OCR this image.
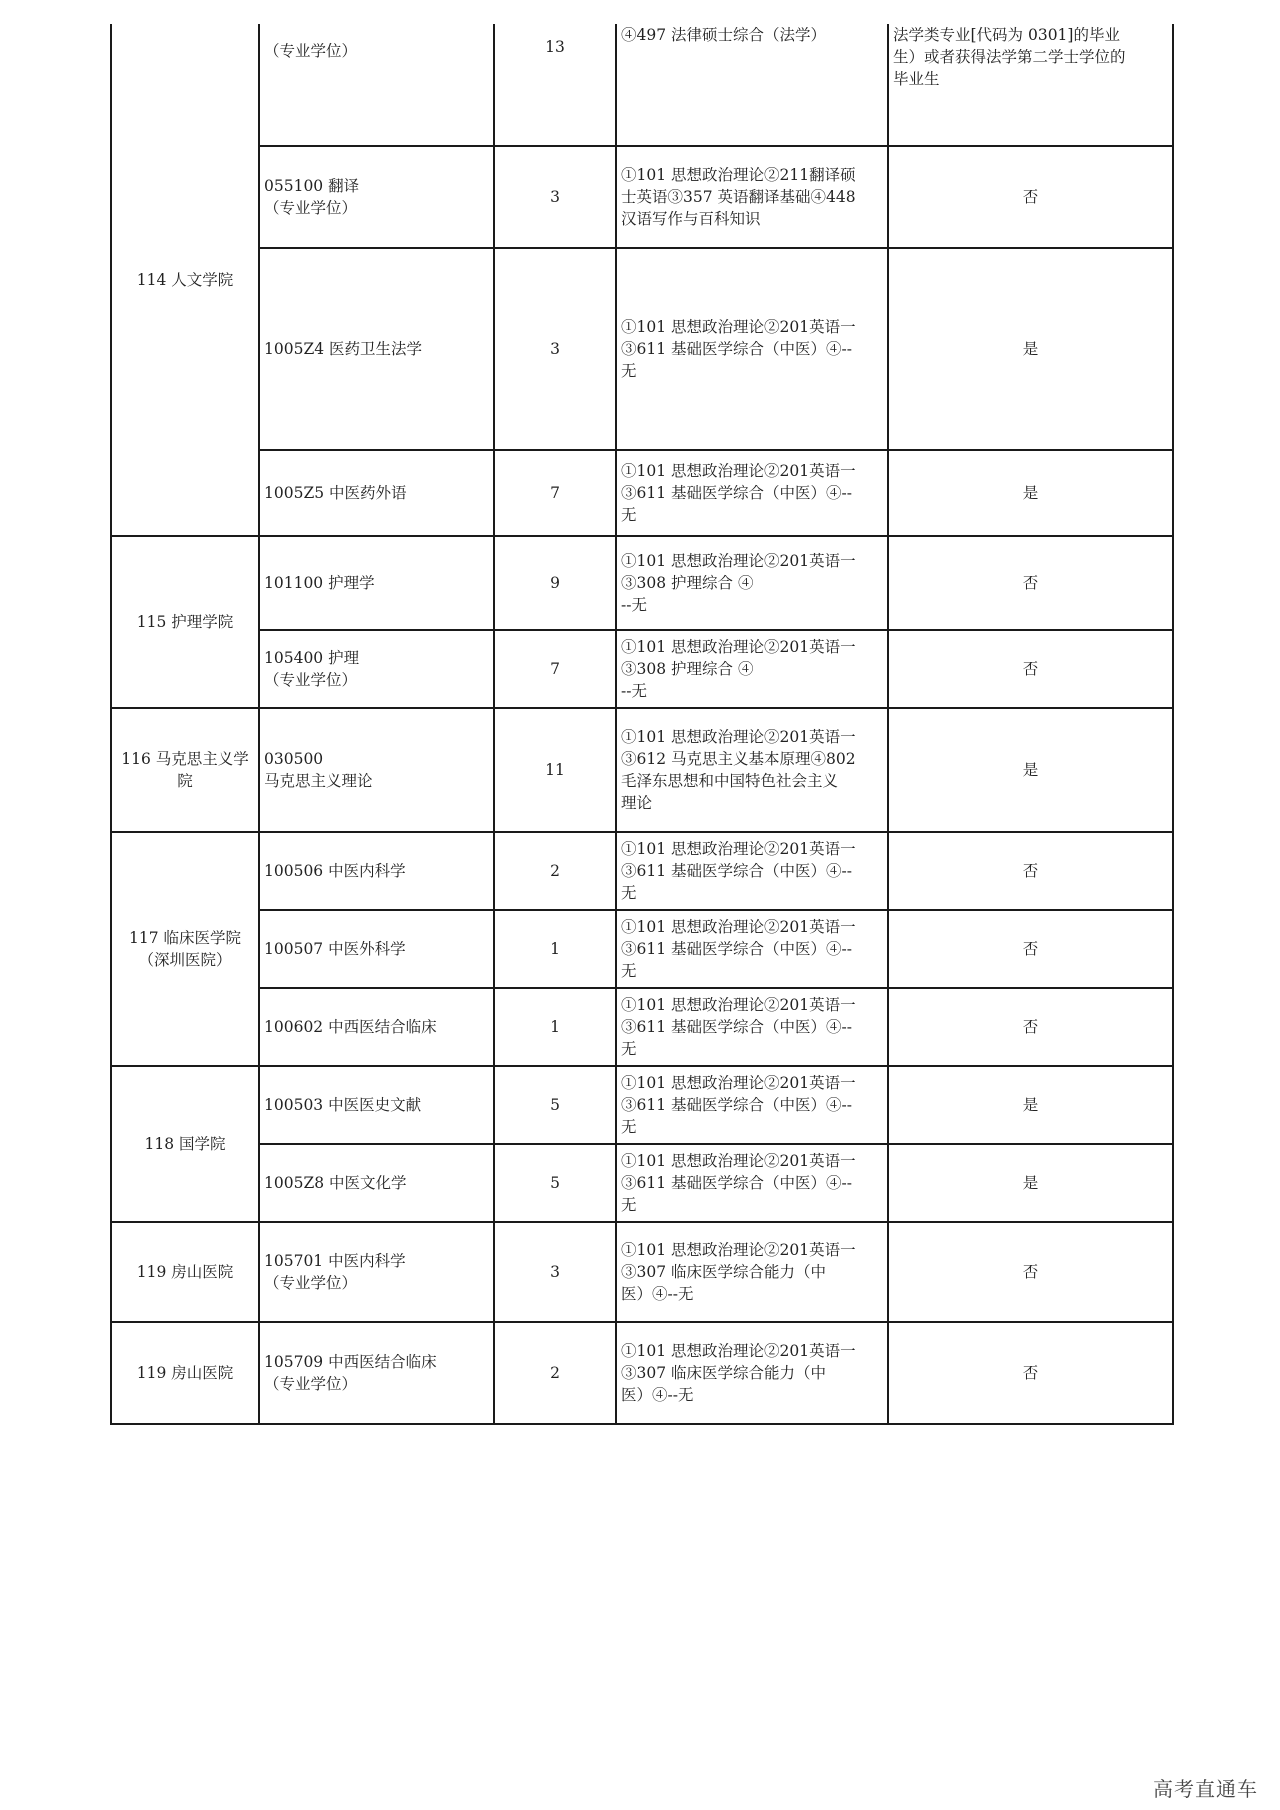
114 人文学院	（专业学位）	13	④497 法律硕士综合（法学）	法学类专业[代码为 0301]的毕业
生）或者获得法学第二学士学位的
毕业生

	055100 翻译
（专业学位）	3	①101 思想政治理论②211翻译硕
士英语③357 英语翻译基础④448
汉语写作与百科知识	否

	1005Z4 医药卫生法学	3	①101 思想政治理论②201英语一
③611 基础医学综合（中医）④--
无	是

	1005Z5 中医药外语	7	①101 思想政治理论②201英语一
③611 基础医学综合（中医）④--
无	是

115 护理学院	101100 护理学	9	①101 思想政治理论②201英语一
③308 护理综合 ④
--无	否

	105400 护理
（专业学位）	7	①101 思想政治理论②201英语一
③308 护理综合 ④
--无	否

116 马克思主义学
院	030500
马克思主义理论	11	①101 思想政治理论②201英语一
③612 马克思主义基本原理④802
毛泽东思想和中国特色社会主义
理论	是

117 临床医学院
（深圳医院）	100506 中医内科学	2	①101 思想政治理论②201英语一
③611 基础医学综合（中医）④--
无	否

	100507 中医外科学	1	①101 思想政治理论②201英语一
③611 基础医学综合（中医）④--
无	否

	100602 中西医结合临床	1	①101 思想政治理论②201英语一
③611 基础医学综合（中医）④--
无	否

118 国学院	100503 中医医史文献	5	①101 思想政治理论②201英语一
③611 基础医学综合（中医）④--
无	是

	1005Z8 中医文化学	5	①101 思想政治理论②201英语一
③611 基础医学综合（中医）④--
无	是

119 房山医院	105701 中医内科学
（专业学位）	3	①101 思想政治理论②201英语一
③307 临床医学综合能力（中
医）④--无	否

119 房山医院	105709 中西医结合临床
（专业学位）	2	①101 思想政治理论②201英语一
③307 临床医学综合能力（中
医）④--无	否
高考直通车
